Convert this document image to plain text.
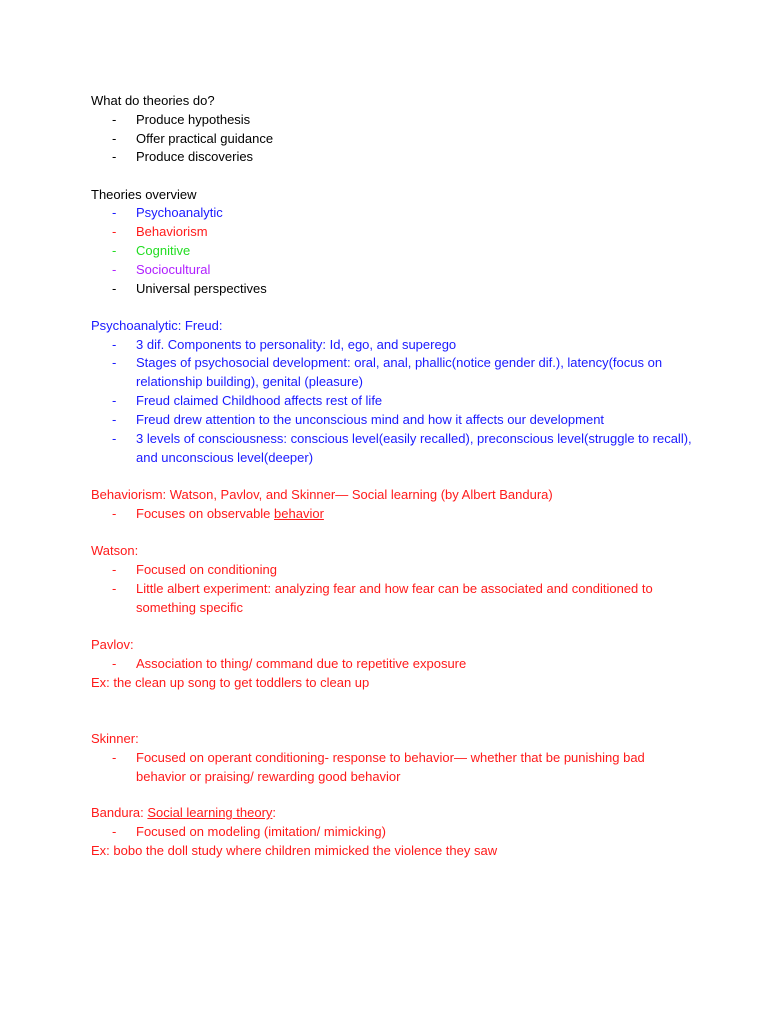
What do theories do?
- Produce hypothesis
- Offer practical guidance
- Produce discoveries
Theories overview
- Psychoanalytic
- Behaviorism
- Cognitive
- Sociocultural
- Universal perspectives
Psychoanalytic: Freud:
- 3 dif. Components to personality: Id, ego, and superego
- Stages of psychosocial development: oral, anal, phallic(notice gender dif.), latency(focus on relationship building), genital (pleasure)
- Freud claimed Childhood affects rest of life
- Freud drew attention to the unconscious mind and how it affects our development
- 3 levels of consciousness: conscious level(easily recalled), preconscious level(struggle to recall), and unconscious level(deeper)
Behaviorism: Watson, Pavlov, and Skinner— Social learning (by Albert Bandura)
- Focuses on observable behavior
Watson:
- Focused on conditioning
- Little albert experiment: analyzing fear and how fear can be associated and conditioned to something specific
Pavlov:
- Association to thing/ command due to repetitive exposure
Ex: the clean up song to get toddlers to clean up
Skinner:
- Focused on operant conditioning- response to behavior— whether that be punishing bad behavior or praising/ rewarding good behavior
Bandura: Social learning theory:
- Focused on modeling (imitation/ mimicking)
Ex: bobo the doll study where children mimicked the violence they saw
